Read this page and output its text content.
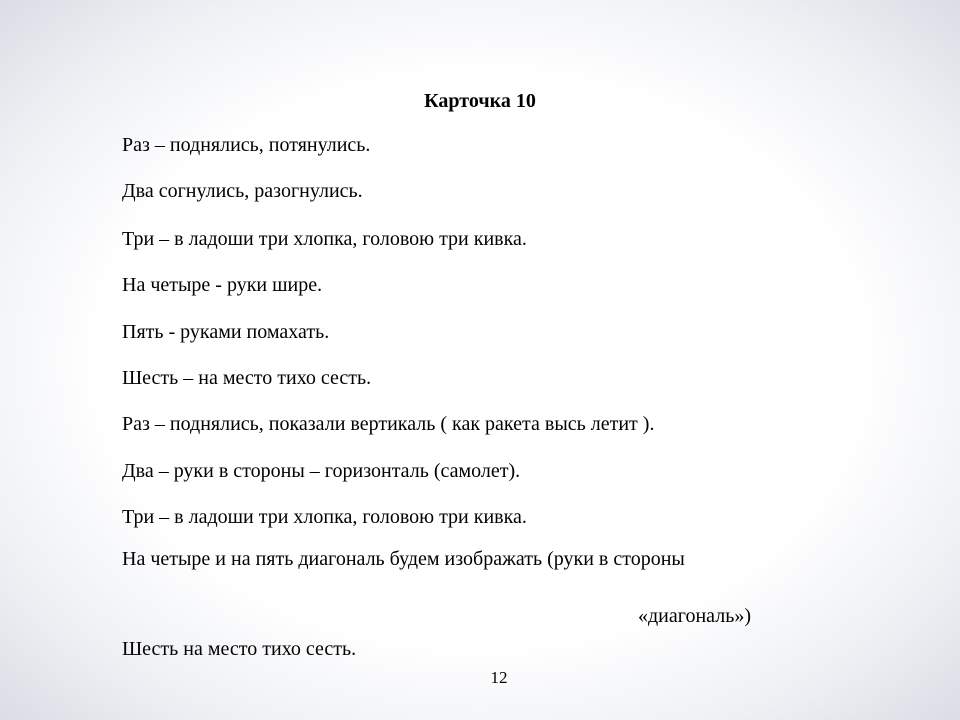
Карточка 10
Раз – поднялись, потянулись.
Два согнулись, разогнулись.
Три – в ладоши три хлопка, головою три кивка.
На четыре - руки шире.
Пять - руками помахать.
Шесть – на место тихо сесть.
Раз – поднялись, показали вертикаль ( как ракета высь летит ).
Два – руки в стороны – горизонталь (самолет).
Три – в ладоши три хлопка, головою три кивка.
На четыре и на пять диагональ будем изображать (руки в стороны
«диагональ»)
Шесть на место тихо сесть.
12
